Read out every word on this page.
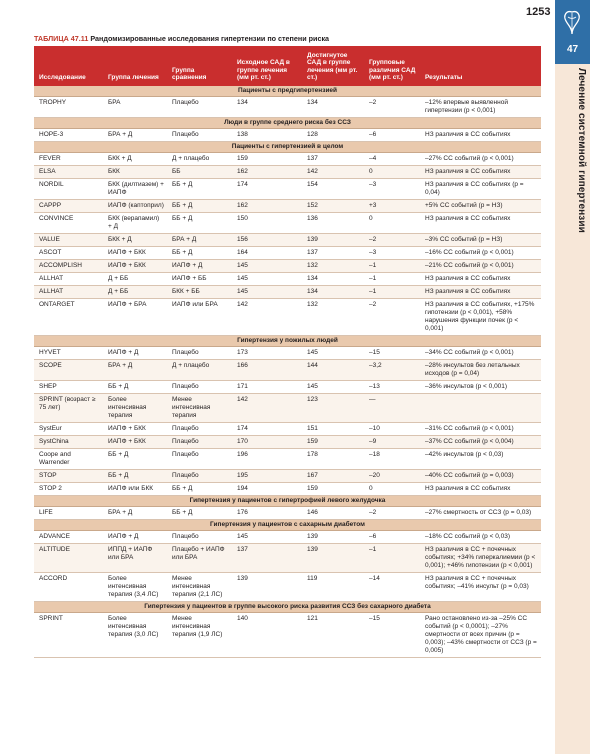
1253
47
Лечение системной гипертензии
ТАБЛИЦА 47.11 Рандомизированные исследования гипертензии по степени риска
Исследование	Группа лечения	Группа сравнения	Исходное САД в группе лечения (мм рт. ст.)	Достигнутое САД в группе лечения (мм рт. ст.)	Групповые различия САД (мм рт. ст.)	Результаты
Пациенты с предгипертензией						
TROPHY	БРА	Плацебо	134	134	–2	–12% впервые выявленной гипертензии (p < 0,001)
Люди в группе среднего риска без ССЗ						
HOPE-3	БРА + Д	Плацебо	138	128	–6	НЗ различия в СС событиях
Пациенты с гипертензией в целом						
FEVER	БКК + Д	Д + плацебо	159	137	–4	–27% СС событий (p < 0,001)
ELSA	БКК	ББ	162	142	0	НЗ различия в СС событиях
NORDIL	БКК (дилтиазем) + ИАПФ	ББ + Д	174	154	–3	НЗ различия в СС событиях (p = 0,04)
CAPPP	ИАПФ (каптоприл)	ББ + Д	162	152	+3	+5% СС событий (p = НЗ)
CONVINCE	БКК (верапамил) + Д	ББ + Д	150	136	0	НЗ различия в СС событиях
VALUE	БКК + Д	БРА + Д	156	139	–2	–3% СС событий (p = НЗ)
ASCOT	ИАПФ + БКК	ББ + Д	164	137	–3	–16% СС событий (p < 0,001)
ACCOMPLISH	ИАПФ + БКК	ИАПФ + Д	145	132	–1	–21% СС событий (p < 0,001)
ALLHAT	Д + ББ	ИАПФ + ББ	145	134	–1	НЗ различия в СС событиях
ALLHAT	Д + ББ	БКК + ББ	145	134	–1	НЗ различия в СС событиях
ONTARGET	ИАПФ + БРА	ИАПФ или БРА	142	132	–2	НЗ различия в СС событиях, +175% гипотензии (p < 0,001), +58% нарушения функции почек (p < 0,001)
Гипертензия у пожилых людей						
HYVET	ИАПФ + Д	Плацебо	173	145	–15	–34% СС событий (p < 0,001)
SCOPE	БРА + Д	Д + плацебо	166	144	–3,2	–28% инсультов без летальных исходов (p = 0,04)
SHEP	ББ + Д	Плацебо	171	145	–13	–36% инсультов (p < 0,001)
SPRINT (возраст ≥ 75 лет)	Более интенсивная терапия	Менее интенсивная терапия	142	123	—	
SystEur	ИАПФ + БКК	Плацебо	174	151	–10	–31% СС событий (p < 0,001)
SystChina	ИАПФ + БКК	Плацебо	170	159	–9	–37% СС событий (p < 0,004)
Coope and Warrender	ББ + Д	Плацебо	196	178	–18	–42% инсультов (p < 0,03)
STOP	ББ + Д	Плацебо	195	167	–20	–40% СС событий (p = 0,003)
STOP 2	ИАПФ или БКК	ББ + Д	194	159	0	НЗ различия в СС событиях
Гипертензия у пациентов с гипертрофией левого желудочка						
LIFE	БРА + Д	ББ + Д	176	146	–2	–27% смертность от ССЗ (p = 0,03)
Гипертензия у пациентов с сахарным диабетом						
ADVANCE	ИАПФ + Д	Плацебо	145	139	–6	–18% СС событий (p < 0,03)
ALTITUDE	ИППД + ИАПФ или БРА	Плацебо + ИАПФ или БРА	137	139	–1	НЗ различия в СС + почечных событиях; +34% гиперкалиемии (p < 0,001); +46% гипотензии (p < 0,001)
ACCORD	Более интенсивная терапия (3,4 ЛС)	Менее интенсивная терапия (2,1 ЛС)	139	119	–14	НЗ различия в СС + почечных событиях; –41% инсульт (p = 0,03)
Гипертензия у пациентов в группе высокого риска развития ССЗ без сахарного диабета						
SPRINT	Более интенсивная терапия (3,0 ЛС)	Менее интенсивная терапия (1,9 ЛС)	140	121	–15	Рано остановлено из-за –25% СС событий (p < 0,0001); –27% смертности от всех причин (p = 0,003); –43% смертности от ССЗ (p = 0,005)
